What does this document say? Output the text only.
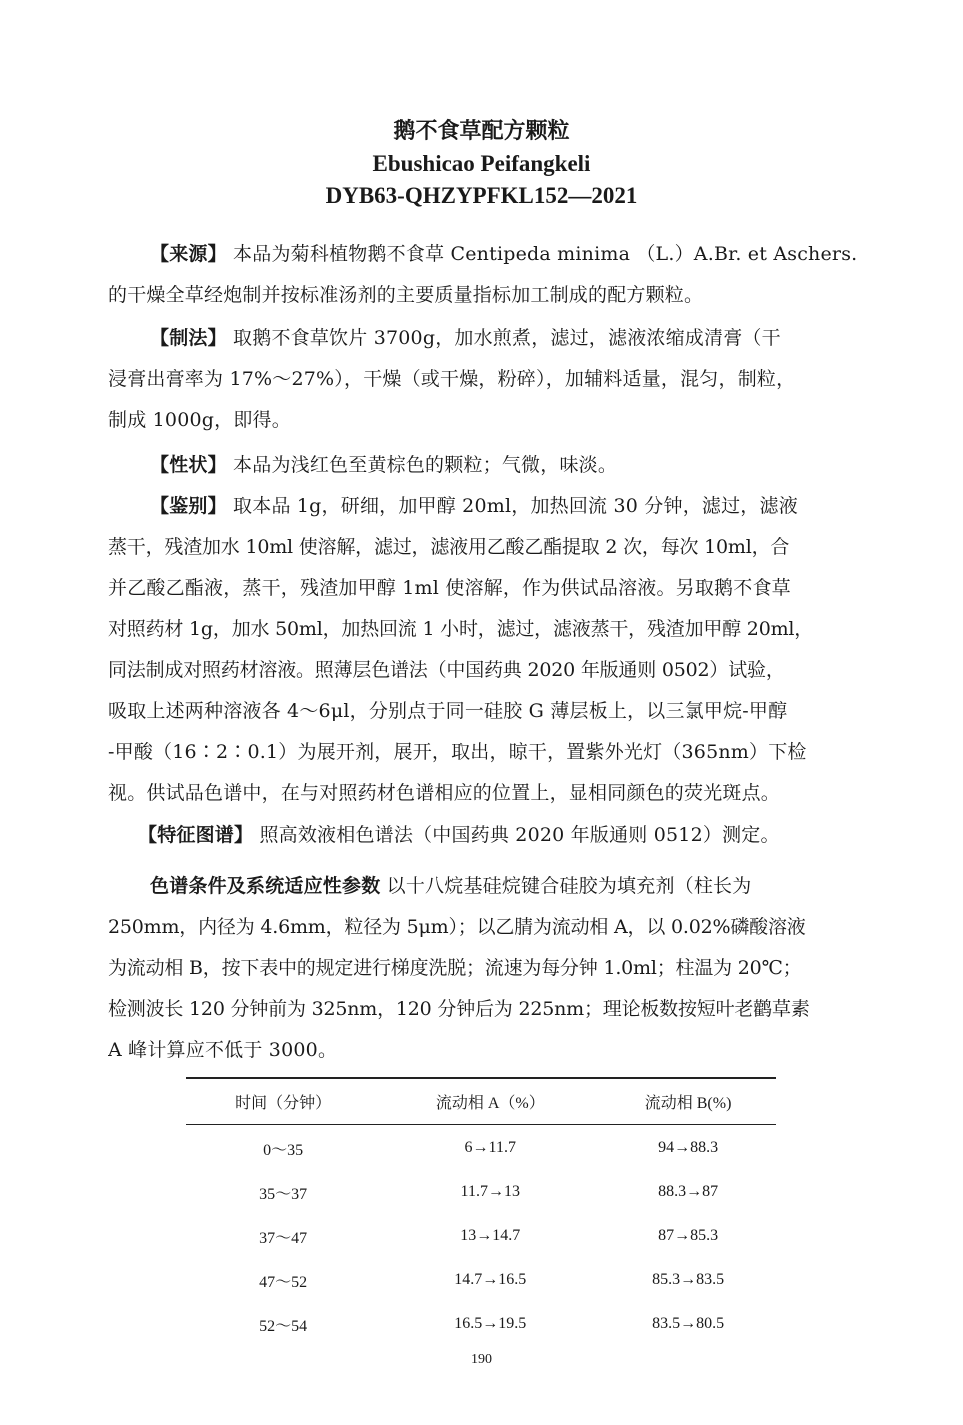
鹅不食草配方颗粒
Ebushicao Peifangkeli
DYB63-QHZYPFKL152—2021
【来源】 本品为菊科植物鹅不食草 Centipeda minima （L.）A.Br. et Aschers.
的干燥全草经炮制并按标准汤剂的主要质量指标加工制成的配方颗粒。
【制法】 取鹅不食草饮片 3700g，加水煎煮，滤过，滤液浓缩成清膏（干
浸膏出膏率为 17%～27%），干燥（或干燥，粉碎），加辅料适量，混匀，制粒，
制成 1000g，即得。
【性状】 本品为浅红色至黄棕色的颗粒；气微，味淡。
【鉴别】 取本品 1g，研细，加甲醇 20ml，加热回流 30 分钟，滤过，滤液
蒸干，残渣加水 10ml 使溶解，滤过，滤液用乙酸乙酯提取 2 次，每次 10ml，合
并乙酸乙酯液，蒸干，残渣加甲醇 1ml 使溶解，作为供试品溶液。另取鹅不食草
对照药材 1g，加水 50ml，加热回流 1 小时，滤过，滤液蒸干，残渣加甲醇 20ml，
同法制成对照药材溶液。照薄层色谱法（中国药典 2020 年版通则 0502）试验，
吸取上述两种溶液各 4～6μl，分别点于同一硅胶 G 薄层板上，以三氯甲烷-甲醇
-甲酸（16∶2∶0.1）为展开剂，展开，取出，晾干，置紫外光灯（365nm）下检
视。供试品色谱中，在与对照药材色谱相应的位置上，显相同颜色的荧光斑点。
【特征图谱】 照高效液相色谱法（中国药典 2020 年版通则 0512）测定。
色谱条件及系统适应性参数 以十八烷基硅烷键合硅胶为填充剂（柱长为
250mm，内径为 4.6mm，粒径为 5μm）；以乙腈为流动相 A，以 0.02%磷酸溶液
为流动相 B，按下表中的规定进行梯度洗脱；流速为每分钟 1.0ml；柱温为 20℃；
检测波长 120 分钟前为 325nm，120 分钟后为 225nm；理论板数按短叶老鹳草素
A 峰计算应不低于 3000。
时间（分钟）	流动相 A（%）	流动相 B(%)
0～35	6→11.7	94→88.3
35～37	11.7→13	88.3→87
37～47	13→14.7	87→85.3
47～52	14.7→16.5	85.3→83.5
52～54	16.5→19.5	83.5→80.5
190
